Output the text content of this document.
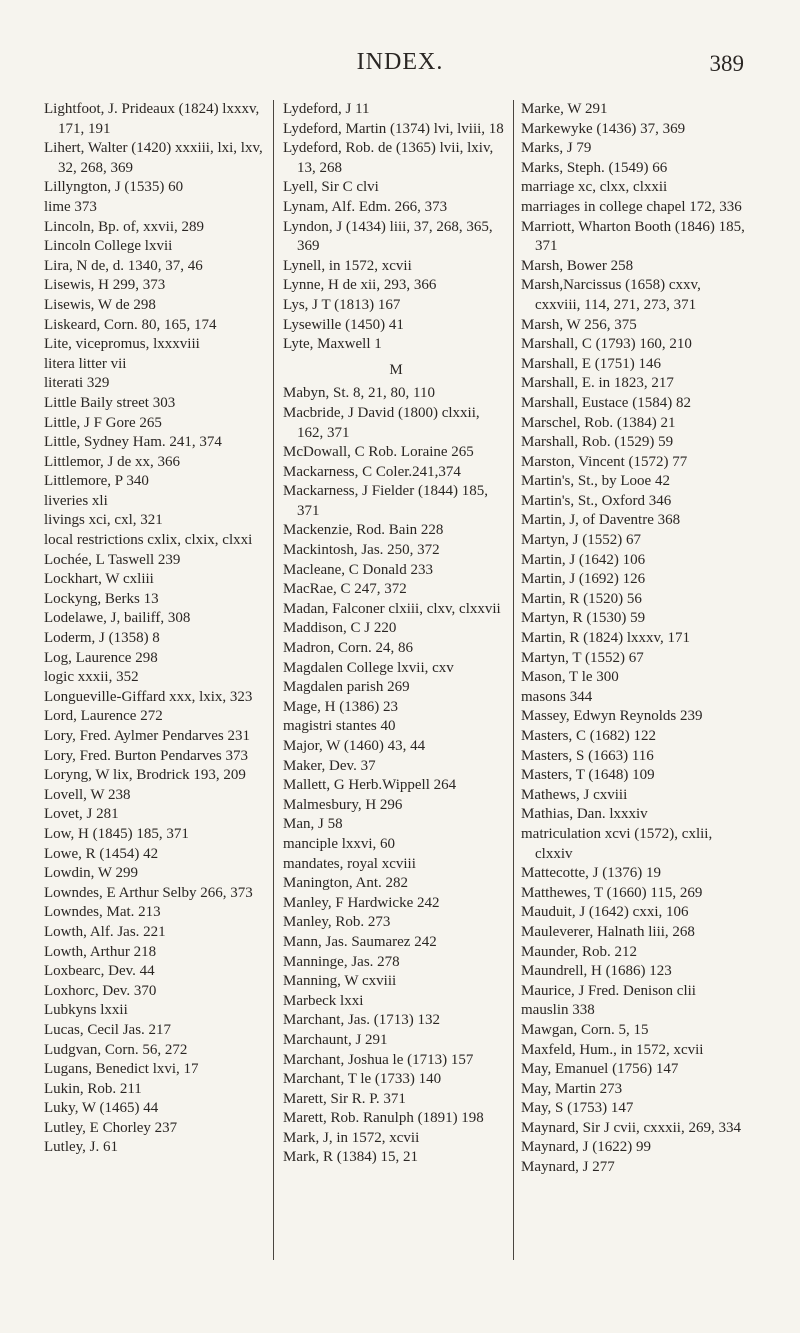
INDEX.	389
Lightfoot, J. Prideaux (1824) lxxxv, 171, 191
Lihert, Walter (1420) xxxiii, lxi, lxv, 32, 268, 369
Lillyngton, J (1535) 60
lime 373
Lincoln, Bp. of, xxvii, 289
Lincoln College lxvii
Lira, N de, d. 1340, 37, 46
Lisewis, H 299, 373
Lisewis, W de 298
Liskeard, Corn. 80, 165, 174
Lite, vicepromus, lxxxviii
litera litter vii
literati 329
Little Baily street 303
Little, J F Gore 265
Little, Sydney Ham. 241, 374
Littlemor, J de xx, 366
Littlemore, P 340
liveries xli
livings xci, cxl, 321
local restrictions cxlix, clxix, clxxi
Lochée, L Taswell 239
Lockhart, W cxliii
Lockyng, Berks 13
Lodelawe, J, bailiff, 308
Loderm, J (1358) 8
Log, Laurence 298
logic xxxii, 352
Longueville-Giffard xxx, lxix, 323
Lord, Laurence 272
Lory, Fred. Aylmer Pendarves 231
Lory, Fred. Burton Pendarves 373
Loryng, W lix, Brodrick 193, 209
Lovell, W 238
Lovet, J 281
Low, H (1845) 185, 371
Lowe, R (1454) 42
Lowdin, W 299
Lowndes, E Arthur Selby 266, 373
Lowndes, Mat. 213
Lowth, Alf. Jas. 221
Lowth, Arthur 218
Loxbearc, Dev. 44
Loxhorc, Dev. 370
Lubkyns lxxii
Lucas, Cecil Jas. 217
Ludgvan, Corn. 56, 272
Lugans, Benedict lxvi, 17
Lukin, Rob. 211
Luky, W (1465) 44
Lutley, E Chorley 237
Lutley, J. 61
Lydeford, J 11
Lydeford, Martin (1374) lvi, lviii, 18
Lydeford, Rob. de (1365) lvii, lxiv, 13, 268
Lyell, Sir C clvi
Lynam, Alf. Edm. 266, 373
Lyndon, J (1434) liii, 37, 268, 365, 369
Lynell, in 1572, xcvii
Lynne, H de xii, 293, 366
Lys, J T (1813) 167
Lysewille (1450) 41
Lyte, Maxwell 1
M
Mabyn, St. 8, 21, 80, 110
Macbride, J David (1800) clxxii, 162, 371
McDowall, C Rob. Loraine 265
Mackarness, C Coler.241,374
Mackarness, J Fielder (1844) 185, 371
Mackenzie, Rod. Bain 228
Mackintosh, Jas. 250, 372
Macleane, C Donald 233
MacRae, C 247, 372
Madan, Falconer clxiii, clxv, clxxvii
Maddison, C J 220
Madron, Corn. 24, 86
Magdalen College lxvii, cxv
Magdalen parish 269
Mage, H (1386) 23
magistri stantes 40
Major, W (1460) 43, 44
Maker, Dev. 37
Mallett, G Herb.Wippell 264
Malmesbury, H 296
Man, J 58
manciple lxxvi, 60
mandates, royal xcviii
Manington, Ant. 282
Manley, F Hardwicke 242
Manley, Rob. 273
Mann, Jas. Saumarez 242
Manninge, Jas. 278
Manning, W cxviii
Marbeck lxxi
Marchant, Jas. (1713) 132
Marchaunt, J 291
Marchant, Joshua le (1713) 157
Marchant, T le (1733) 140
Marett, Sir R. P. 371
Marett, Rob. Ranulph (1891) 198
Mark, J, in 1572, xcvii
Mark, R (1384) 15, 21
Marke, W 291
Markewyke (1436) 37, 369
Marks, J 79
Marks, Steph. (1549) 66
marriage xc, clxx, clxxii
marriages in college chapel 172, 336
Marriott, Wharton Booth (1846) 185, 371
Marsh, Bower 258
Marsh,Narcissus (1658) cxxv, cxxviii, 114, 271, 273, 371
Marsh, W 256, 375
Marshall, C (1793) 160, 210
Marshall, E (1751) 146
Marshall, E. in 1823, 217
Marshall, Eustace (1584) 82
Marschel, Rob. (1384) 21
Marshall, Rob. (1529) 59
Marston, Vincent (1572) 77
Martin's, St., by Looe 42
Martin's, St., Oxford 346
Martin, J, of Daventre 368
Martyn, J (1552) 67
Martin, J (1642) 106
Martin, J (1692) 126
Martin, R (1520) 56
Martyn, R (1530) 59
Martin, R (1824) lxxxv, 171
Martyn, T (1552) 67
Mason, T le 300
masons 344
Massey, Edwyn Reynolds 239
Masters, C (1682) 122
Masters, S (1663) 116
Masters, T (1648) 109
Mathews, J cxviii
Mathias, Dan. lxxxiv
matriculation xcvi (1572), cxlii, clxxiv
Mattecotte, J (1376) 19
Matthewes, T (1660) 115, 269
Mauduit, J (1642) cxxi, 106
Mauleverer, Halnath liii, 268
Maunder, Rob. 212
Maundrell, H (1686) 123
Maurice, J Fred. Denison clii
mauslin 338
Mawgan, Corn. 5, 15
Maxfeld, Hum., in 1572, xcvii
May, Emanuel (1756) 147
May, Martin 273
May, S (1753) 147
Maynard, Sir J cvii, cxxxii, 269, 334
Maynard, J (1622) 99
Maynard, J 277
